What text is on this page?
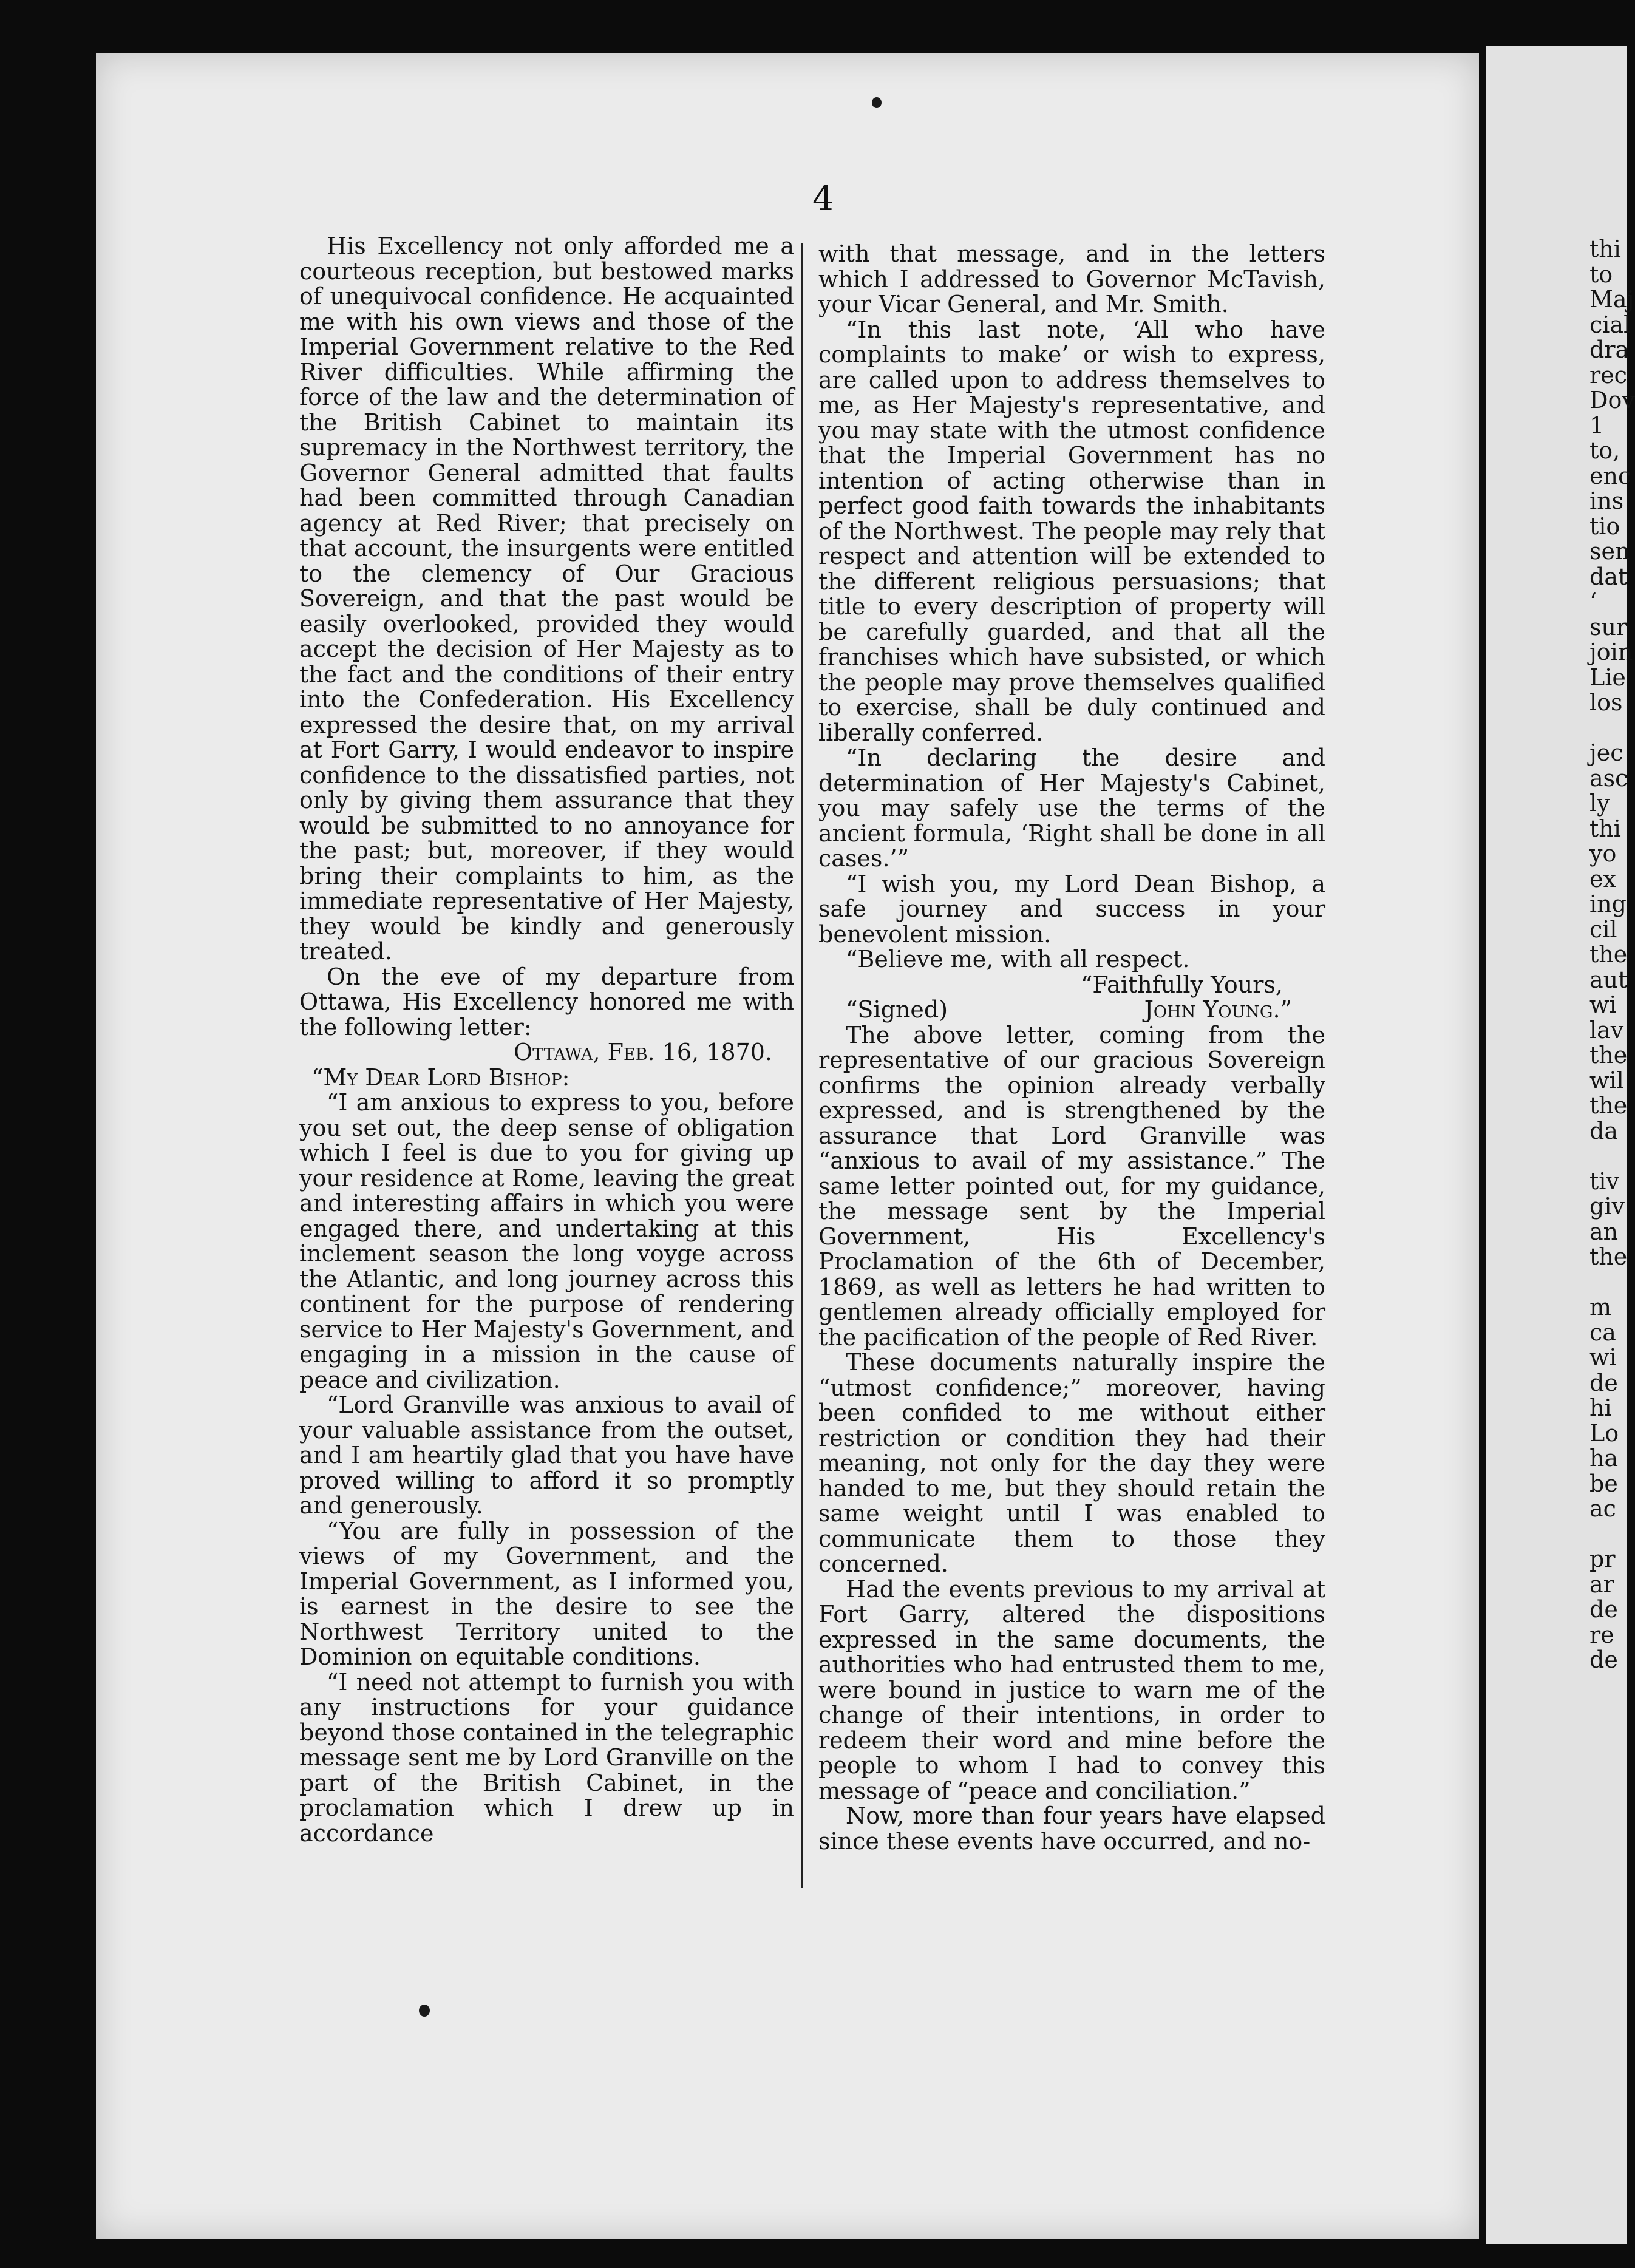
4

His Excellency not only afforded me a courteous reception, but bestowed marks of unequivocal confidence. He acquainted me with his own views and those of the Imperial Government relative to the Red River difficulties. While affirming the force of the law and the determination of the British Cabinet to maintain its supremacy in the Northwest territory, the Governor General admitted that faults had been committed through Canadian agency at Red River; that precisely on that account, the insurgents were entitled to the clemency of Our Gracious Sovereign, and that the past would be easily overlooked, provided they would accept the decision of Her Majesty as to the fact and the conditions of their entry into the Confederation. His Excellency expressed the desire that, on my arrival at Fort Garry, I would endeavor to inspire confidence to the dissatisfied parties, not only by giving them assurance that they would be submitted to no annoyance for the past; but, moreover, if they would bring their complaints to him, as the immediate representative of Her Majesty, they would be kindly and generously treated.

On the eve of my departure from Ottawa, His Excellency honored me with the following letter:

Ottawa, Feb. 16, 1870.

“My Dear Lord Bishop:

“I am anxious to express to you, before you set out, the deep sense of obligation which I feel is due to you for giving up your residence at Rome, leaving the great and interesting affairs in which you were engaged there, and undertaking at this inclement season the long voyge across the Atlantic, and long journey across this continent for the purpose of rendering service to Her Majesty's Government, and engaging in a mission in the cause of peace and civilization.

“Lord Granville was anxious to avail of your valuable assistance from the outset, and I am heartily glad that you have have proved willing to afford it so promptly and generously.

“You are fully in possession of the views of my Government, and the Imperial Government, as I informed you, is earnest in the desire to see the Northwest Territory united to the Dominion on equitable conditions.

“I need not attempt to furnish you with any instructions for your guidance beyond those contained in the telegraphic message sent me by Lord Granville on the part of the British Cabinet, in the proclamation which I drew up in accordance

with that message, and in the letters which I addressed to Governor McTavish, your Vicar General, and Mr. Smith.

“In this last note, ‘All who have complaints to make’ or wish to express, are called upon to address themselves to me, as Her Majesty's representative, and you may state with the utmost confidence that the Imperial Government has no intention of acting otherwise than in perfect good faith towards the inhabitants of the Northwest. The people may rely that respect and attention will be extended to the different religious persuasions; that title to every description of property will be carefully guarded, and that all the franchises which have subsisted, or which the people may prove themselves qualified to exercise, shall be duly continued and liberally conferred.

“In declaring the desire and determination of Her Majesty's Cabinet, you may safely use the terms of the ancient formula, ‘Right shall be done in all cases.’”

“I wish you, my Lord Dean Bishop, a safe journey and success in your benevolent mission.

“Believe me, with all respect.

“Faithfully Yours,

“Signed)	John Young.”

The above letter, coming from the representative of our gracious Sovereign confirms the opinion already verbally expressed, and is strengthened by the assurance that Lord Granville was “anxious to avail of my assistance.” The same letter pointed out, for my guidance, the message sent by the Imperial Government, His Excellency's Proclamation of the 6th of December, 1869, as well as letters he had written to gentlemen already officially employed for the pacification of the people of Red River.

These documents naturally inspire the “utmost confidence;” moreover, having been confided to me without either restriction or condition they had their meaning, not only for the day they were handed to me, but they should retain the same weight until I was enabled to communicate them to those they concerned.

Had the events previous to my arrival at Fort Garry, altered the dispositions expressed in the same documents, the authorities who had entrusted them to me, were bound in justice to warn me of the change of their intentions, in order to redeem their word and mine before the people to whom I had to convey this message of “peace and conciliation.”

Now, more than four years have elapsed since these events have occurred, and no-

thi
to
Maj
cial
dra
rec
Dov
1
to,
enc
ins
tio
sen
dat
‘
sur
join
Lie
los
jec
asc
ly
thi
yo
ex
ing
cil
the
aut
wi
lav
the
wil
the
da
tiv
giv
an
the
m
ca
wi
de
hi
Lo
ha
be
ac
pr
ar
de
re
de
